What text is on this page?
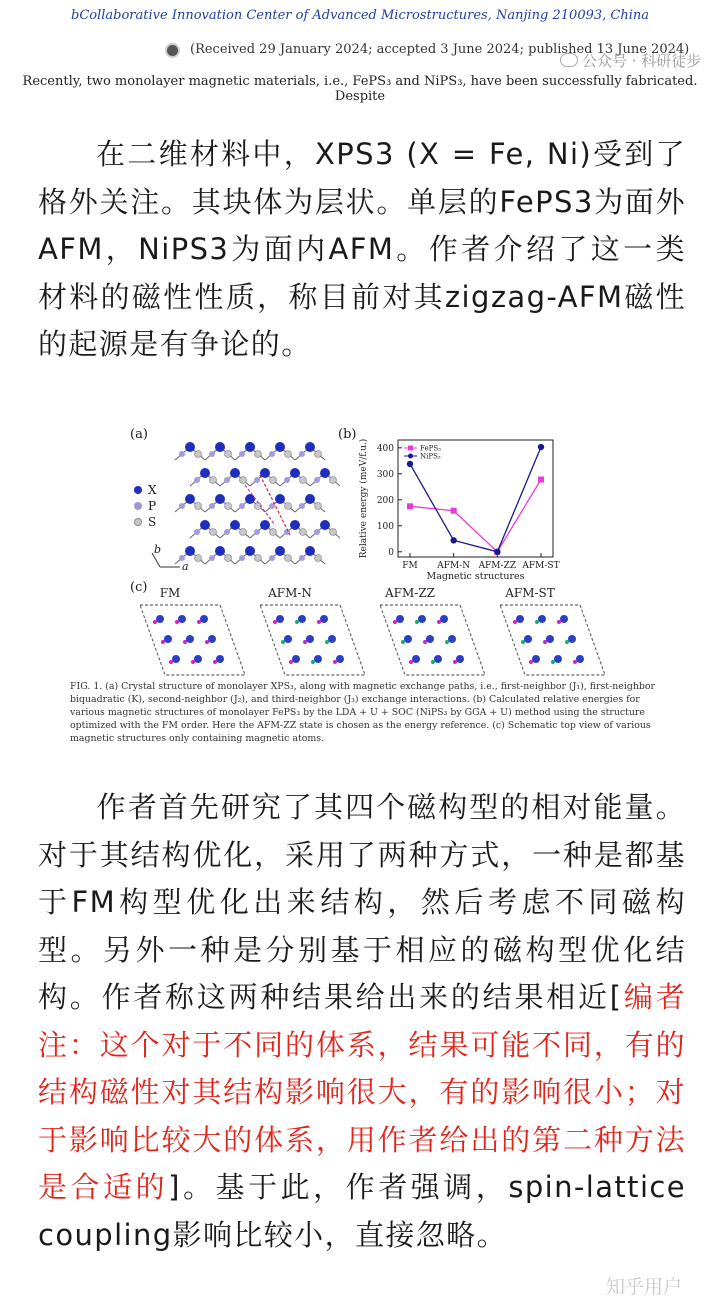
bCollaborative Innovation Center of Advanced Microstructures, Nanjing 210093, China
(Received 29 January 2024; accepted 3 June 2024; published 13 June 2024)
公众号 · 科研徒步
Recently, two monolayer magnetic materials, i.e., FePS₃ and NiPS₃, have been successfully fabricated. Despite
在二维材料中，XPS3 (X = Fe, Ni)受到了格外关注。其块体为层状。单层的FePS3为面外AFM，NiPS3为面内AFM。作者介绍了这一类材料的磁性性质，称目前对其zigzag-AFM磁性的起源是有争论的。
(a)
X
P
S
b
a
(b)
0
100
200
300
400
FM AFM-N AFM-ZZ AFM-ST
Magnetic structures
Relative energy (meV/f.u.)	FePS₃
NiPS₃
(c) FM	AFM-N	AFM-ZZ	AFM-ST
FIG. 1. (a) Crystal structure of monolayer XPS₃, along with magnetic exchange paths, i.e., first-neighbor (J₁), first-neighbor biquadratic (K), second-neighbor (J₂), and third-neighbor (J₃) exchange interactions. (b) Calculated relative energies for various magnetic structures of monolayer FePS₃ by the LDA + U + SOC (NiPS₃ by GGA + U) method using the structure optimized with the FM order. Here the AFM-ZZ state is chosen as the energy reference. (c) Schematic top view of various magnetic structures only containing magnetic atoms.
作者首先研究了其四个磁构型的相对能量。对于其结构优化，采用了两种方式，一种是都基于FM构型优化出来结构，然后考虑不同磁构型。另外一种是分别基于相应的磁构型优化结构。作者称这两种结果给出来的结果相近[编者注：这个对于不同的体系，结果可能不同，有的结构磁性对其结构影响很大，有的影响很小；对于影响比较大的体系，用作者给出的第二种方法是合适的]。基于此，作者强调，spin-lattice coupling影响比较小，直接忽略。
知乎用户
